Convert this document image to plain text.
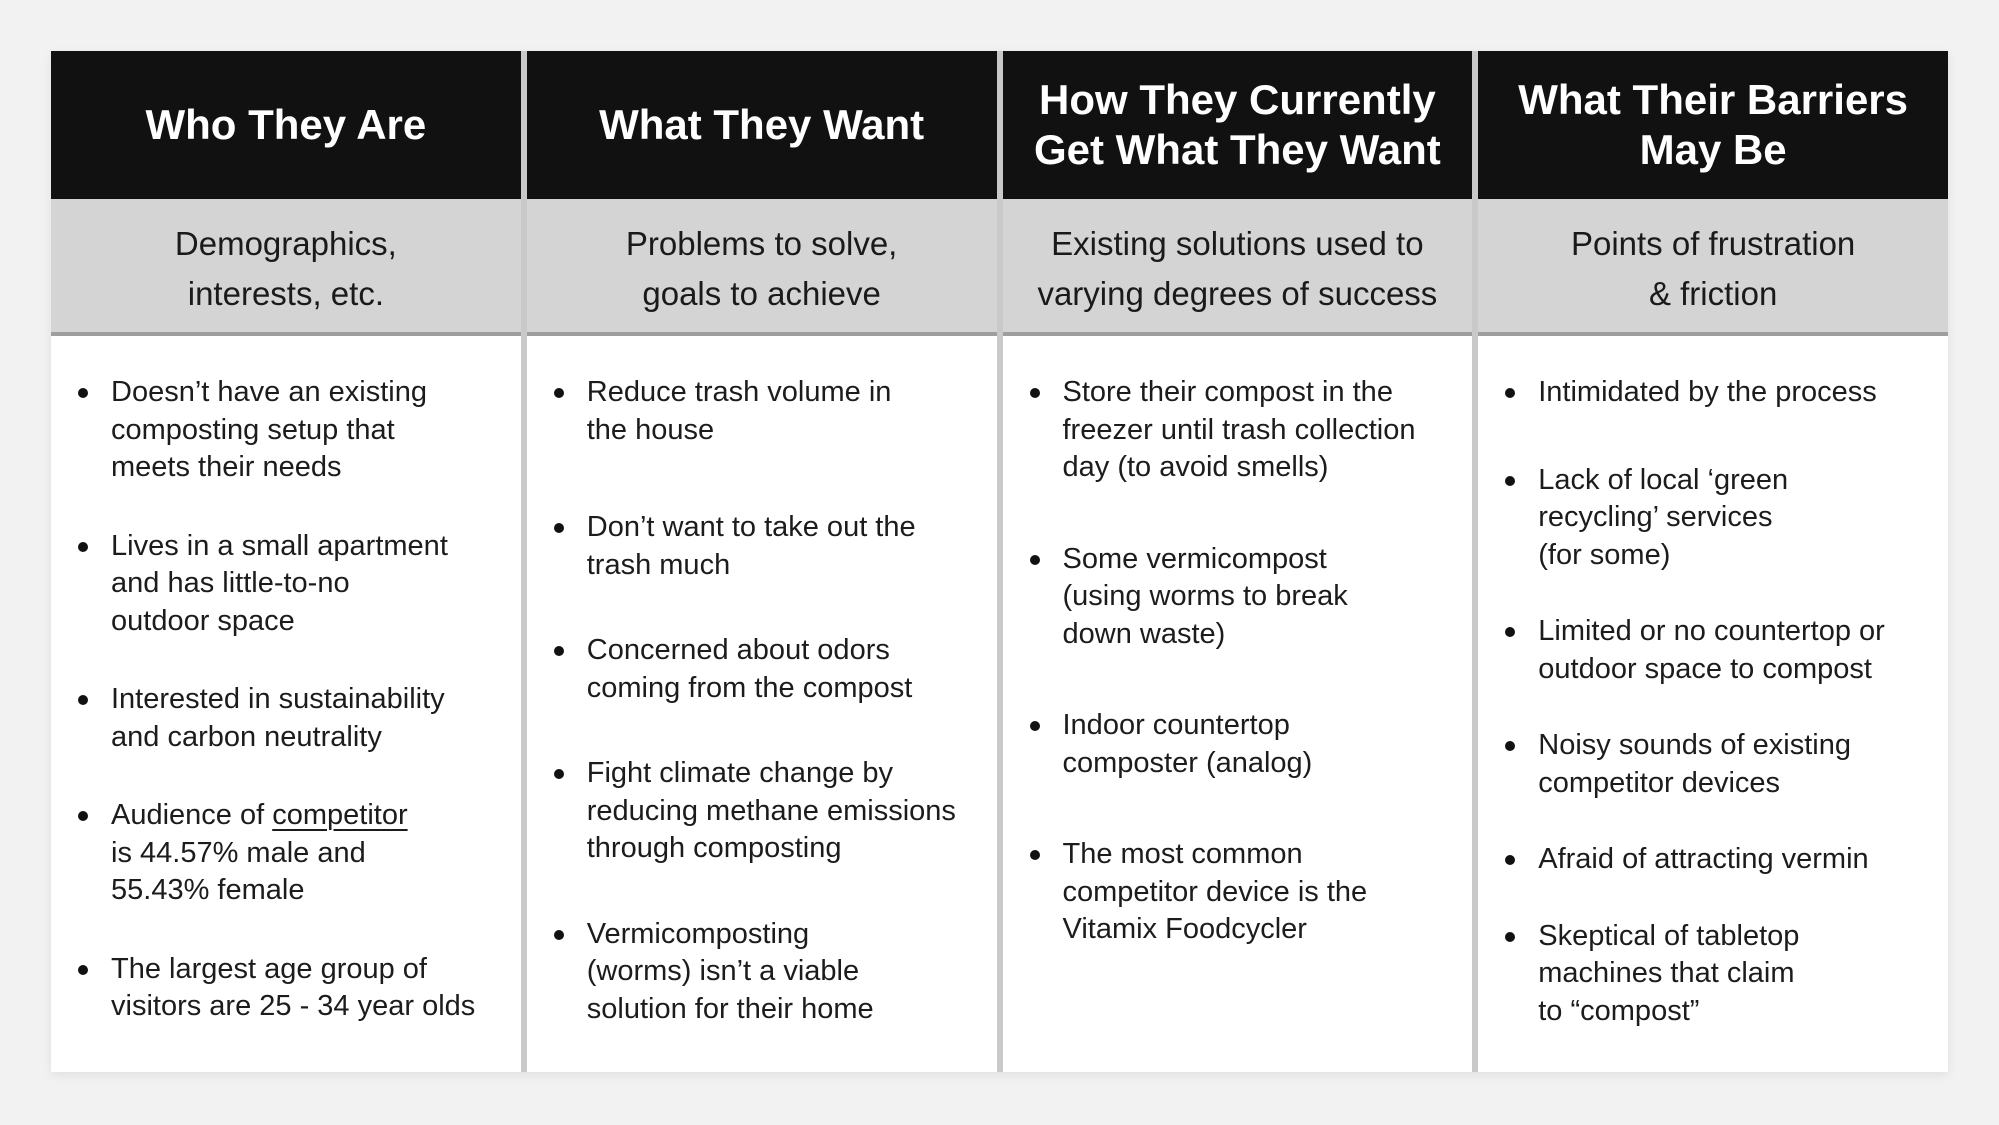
Who They Are
Demographics,
interests, etc.
Doesn’t have an existing
composting setup that
meets their needs
Lives in a small apartment
and has little-to-no
outdoor space
Interested in sustainability
and carbon neutrality
Audience of competitor
is 44.57% male and
55.43% female
The largest age group of
visitors are 25 - 34 year olds
What They Want
Problems to solve,
goals to achieve
Reduce trash volume in
the house
Don’t want to take out the
trash much
Concerned about odors
coming from the compost
Fight climate change by
reducing methane emissions
through composting
Vermicomposting
(worms) isn’t a viable
solution for their home
How They Currently
Get What They Want
Existing solutions used to
varying degrees of success
Store their compost in the
freezer until trash collection
day (to avoid smells)
Some vermicompost
(using worms to break
down waste)
Indoor countertop
composter (analog)
The most common
competitor device is the
Vitamix Foodcycler
What Their Barriers
May Be
Points of frustration
& friction
Intimidated by the process
Lack of local ‘green
recycling’ services
(for some)
Limited or no countertop or
outdoor space to compost
Noisy sounds of existing
competitor devices
Afraid of attracting vermin
Skeptical of tabletop
machines that claim
to “compost”
